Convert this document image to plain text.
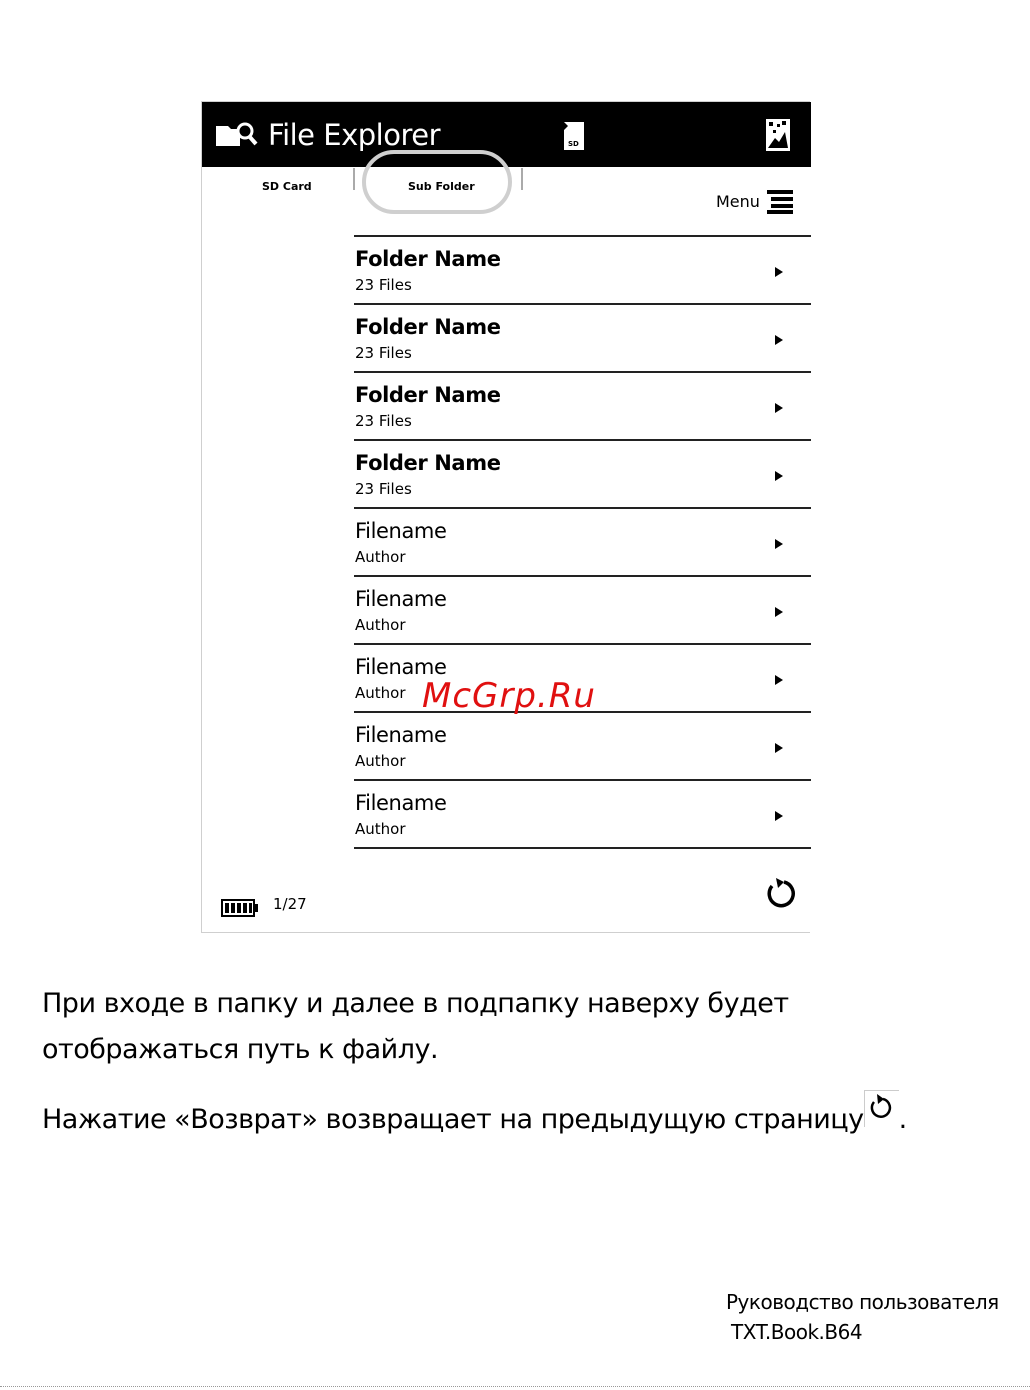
File Explorer	SD
SD Card	Sub Folder
Menu
Folder Name
23 Files
Folder Name
23 Files
Folder Name
23 Files
Folder Name
23 Files
Filename
Author
Filename
Author
Filename
Author
Filename
Author
Filename
Author
1/27
McGrp.Ru
При входе в папку и далее в подпапку наверху будет
отображаться путь к файлу.
Нажатие «Возврат» возвращает на предыдущую страницу .
Руководство пользователя
TXT.Book.B64
